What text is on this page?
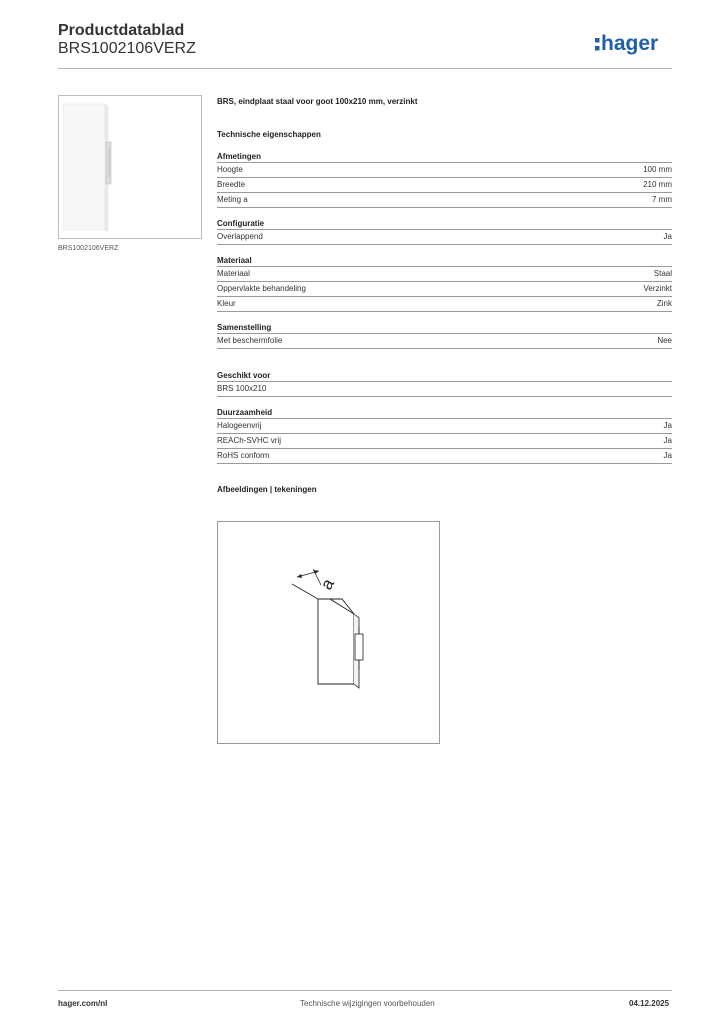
Productdatablad
BRS1002106VERZ	hager
BRS1002106VERZ
BRS, eindplaat staal voor goot 100x210 mm, verzinkt
Technische eigenschappen
Afmetingen
Hoogte	100 mm
Breedte	210 mm
Meting a	7 mm
Configuratie
Overlappend	Ja
Materiaal
Materiaal	Staal
Oppervlakte behandeling	Verzinkt
Kleur	Zink
Samenstelling
Met beschermfolie	Nee
Geschikt voor
BRS 100x210
Duurzaamheid
Halogeenvrij	Ja
REACh-SVHC vrij	Ja
RoHS conform	Ja
Afbeeldingen | tekeningen
a
hager.com/nl	Technische wijzigingen voorbehouden	04.12.2025
